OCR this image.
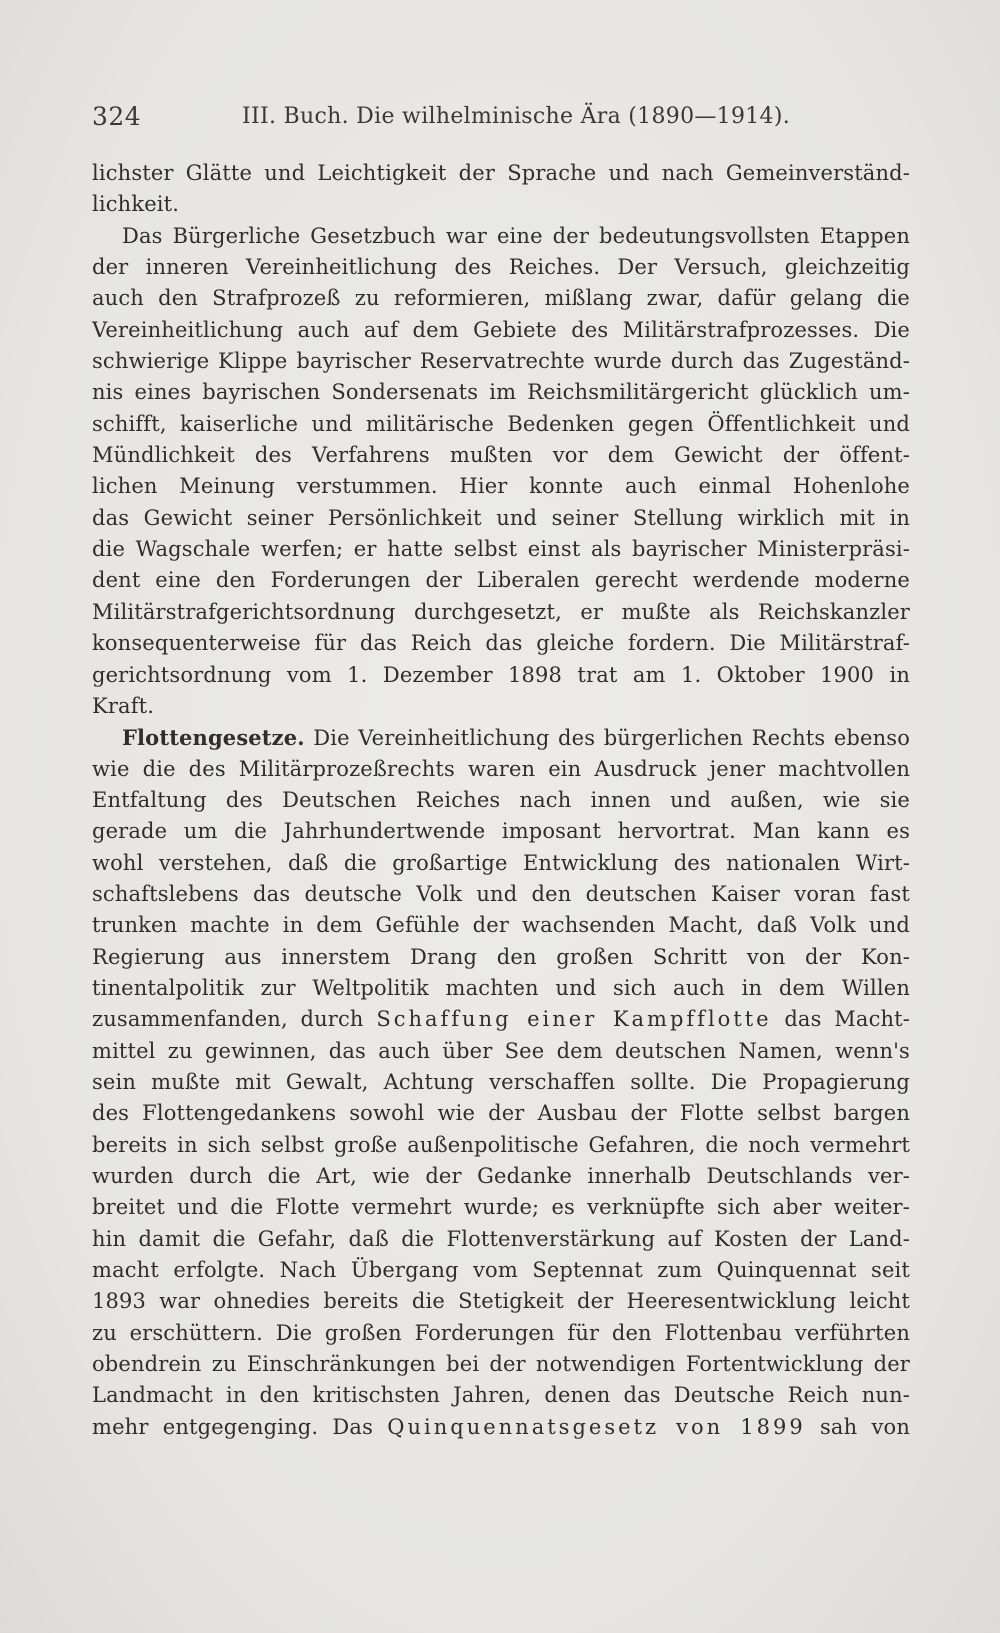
324	III. Buch. Die wilhelminische Ära (1890—1914).
lichster Glätte und Leichtigkeit der Sprache und nach Gemeinverständ-
lichkeit.
Das Bürgerliche Gesetzbuch war eine der bedeutungsvollsten Etappen
der inneren Vereinheitlichung des Reiches. Der Versuch, gleichzeitig
auch den Strafprozeß zu reformieren, mißlang zwar, dafür gelang die
Vereinheitlichung auch auf dem Gebiete des Militärstrafprozesses. Die
schwierige Klippe bayrischer Reservatrechte wurde durch das Zugeständ-
nis eines bayrischen Sondersenats im Reichsmilitärgericht glücklich um-
schifft, kaiserliche und militärische Bedenken gegen Öffentlichkeit und
Mündlichkeit des Verfahrens mußten vor dem Gewicht der öffent-
lichen Meinung verstummen. Hier konnte auch einmal Hohenlohe
das Gewicht seiner Persönlichkeit und seiner Stellung wirklich mit in
die Wagschale werfen; er hatte selbst einst als bayrischer Ministerpräsi-
dent eine den Forderungen der Liberalen gerecht werdende moderne
Militärstrafgerichtsordnung durchgesetzt, er mußte als Reichskanzler
konsequenterweise für das Reich das gleiche fordern. Die Militärstraf-
gerichtsordnung vom 1. Dezember 1898 trat am 1. Oktober 1900 in
Kraft.
Flottengesetze. Die Vereinheitlichung des bürgerlichen Rechts ebenso
wie die des Militärprozeßrechts waren ein Ausdruck jener machtvollen
Entfaltung des Deutschen Reiches nach innen und außen, wie sie
gerade um die Jahrhundertwende imposant hervortrat. Man kann es
wohl verstehen, daß die großartige Entwicklung des nationalen Wirt-
schaftslebens das deutsche Volk und den deutschen Kaiser voran fast
trunken machte in dem Gefühle der wachsenden Macht, daß Volk und
Regierung aus innerstem Drang den großen Schritt von der Kon-
tinentalpolitik zur Weltpolitik machten und sich auch in dem Willen
zusammenfanden, durch Schaffung einer Kampfflotte das Macht-
mittel zu gewinnen, das auch über See dem deutschen Namen, wenn's
sein mußte mit Gewalt, Achtung verschaffen sollte. Die Propagierung
des Flottengedankens sowohl wie der Ausbau der Flotte selbst bargen
bereits in sich selbst große außenpolitische Gefahren, die noch vermehrt
wurden durch die Art, wie der Gedanke innerhalb Deutschlands ver-
breitet und die Flotte vermehrt wurde; es verknüpfte sich aber weiter-
hin damit die Gefahr, daß die Flottenverstärkung auf Kosten der Land-
macht erfolgte. Nach Übergang vom Septennat zum Quinquennat seit
1893 war ohnedies bereits die Stetigkeit der Heeresentwicklung leicht
zu erschüttern. Die großen Forderungen für den Flottenbau verführten
obendrein zu Einschränkungen bei der notwendigen Fortentwicklung der
Landmacht in den kritischsten Jahren, denen das Deutsche Reich nun-
mehr entgegenging. Das Quinquennatsgesetz von 1899 sah von
